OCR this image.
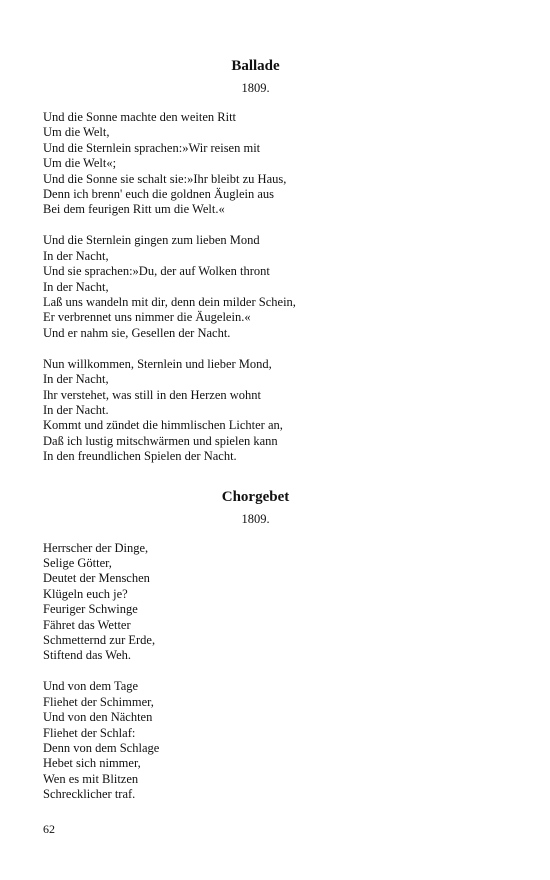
Ballade
1809.
Und die Sonne machte den weiten Ritt
Um die Welt,
Und die Sternlein sprachen:»Wir reisen mit
Um die Welt«;
Und die Sonne sie schalt sie:»Ihr bleibt zu Haus,
Denn ich brenn' euch die goldnen Äuglein aus
Bei dem feurigen Ritt um die Welt.«
Und die Sternlein gingen zum lieben Mond
In der Nacht,
Und sie sprachen:»Du, der auf Wolken thront
In der Nacht,
Laß uns wandeln mit dir, denn dein milder Schein,
Er verbrennet uns nimmer die Äugelein.«
Und er nahm sie, Gesellen der Nacht.
Nun willkommen, Sternlein und lieber Mond,
In der Nacht,
Ihr verstehet, was still in den Herzen wohnt
In der Nacht.
Kommt und zündet die himmlischen Lichter an,
Daß ich lustig mitschwärmen und spielen kann
In den freundlichen Spielen der Nacht.
Chorgebet
1809.
Herrscher der Dinge,
Selige Götter,
Deutet der Menschen
Klügeln euch je?
Feuriger Schwinge
Fähret das Wetter
Schmetternd zur Erde,
Stiftend das Weh.
Und von dem Tage
Fliehet der Schimmer,
Und von den Nächten
Fliehet der Schlaf:
Denn von dem Schlage
Hebet sich nimmer,
Wen es mit Blitzen
Schrecklicher traf.
62
